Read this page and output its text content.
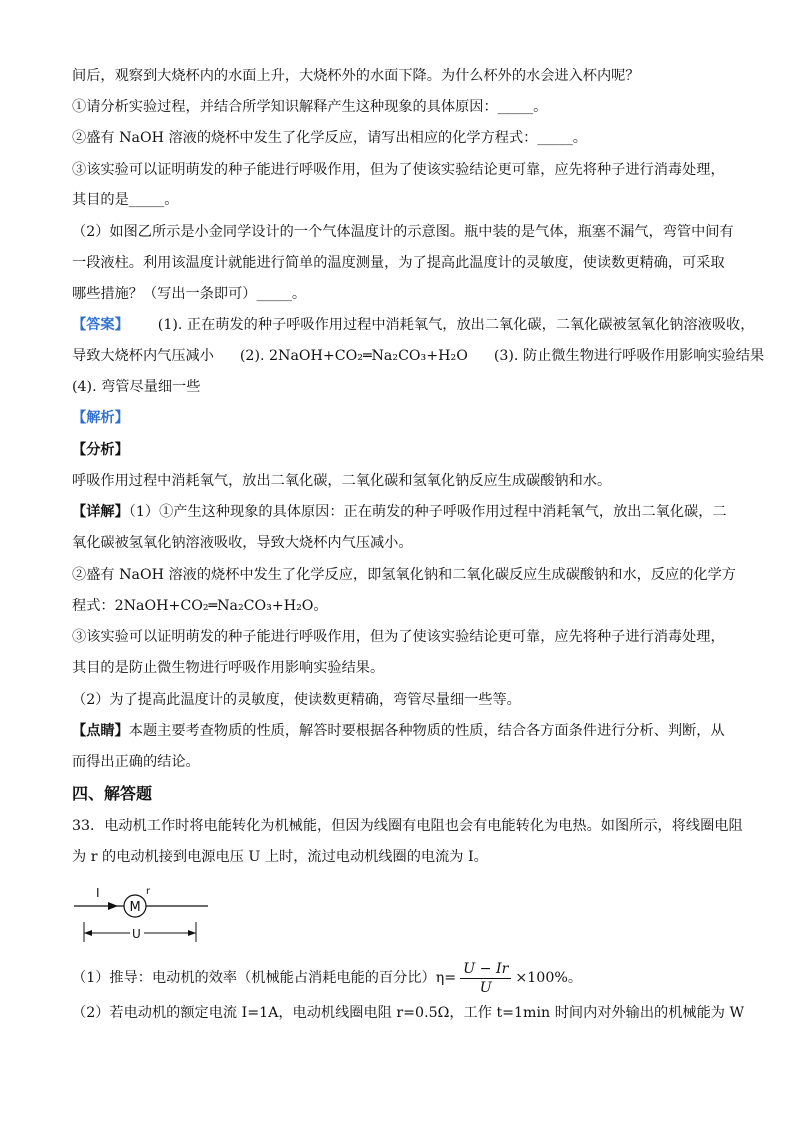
间后，观察到大烧杯内的水面上升，大烧杯外的水面下降。为什么杯外的水会进入杯内呢？
①请分析实验过程，并结合所学知识解释产生这种现象的具体原因：_____。
②盛有 NaOH 溶液的烧杯中发生了化学反应，请写出相应的化学方程式：_____。
③该实验可以证明萌发的种子能进行呼吸作用，但为了使该实验结论更可靠，应先将种子进行消毒处理，
其目的是_____。
（2）如图乙所示是小金同学设计的一个气体温度计的示意图。瓶中装的是气体，瓶塞不漏气，弯管中间有
一段液柱。利用该温度计就能进行简单的温度测量，为了提高此温度计的灵敏度，使读数更精确，可采取
哪些措施？（写出一条即可）_____。
【答案】 (1). 正在萌发的种子呼吸作用过程中消耗氧气，放出二氧化碳，二氧化碳被氢氧化钠溶液吸收，
导致大烧杯内气压减小 (2). 2NaOH+CO₂═Na₂CO₃+H₂O (3). 防止微生物进行呼吸作用影响实验结果
(4). 弯管尽量细一些
【解析】
【分析】
呼吸作用过程中消耗氧气，放出二氧化碳，二氧化碳和氢氧化钠反应生成碳酸钠和水。
【详解】（1）①产生这种现象的具体原因：正在萌发的种子呼吸作用过程中消耗氧气，放出二氧化碳，二
氧化碳被氢氧化钠溶液吸收，导致大烧杯内气压减小。
②盛有 NaOH 溶液的烧杯中发生了化学反应，即氢氧化钠和二氧化碳反应生成碳酸钠和水，反应的化学方
程式：2NaOH+CO₂═Na₂CO₃+H₂O。
③该实验可以证明萌发的种子能进行呼吸作用，但为了使该实验结论更可靠，应先将种子进行消毒处理，
其目的是防止微生物进行呼吸作用影响实验结果。
（2）为了提高此温度计的灵敏度，使读数更精确，弯管尽量细一些等。
【点睛】本题主要考查物质的性质，解答时要根据各种物质的性质，结合各方面条件进行分析、判断，从
而得出正确的结论。
四、解答题
33．电动机工作时将电能转化为机械能，但因为线圈有电阻也会有电能转化为电热。如图所示，将线圈电阻
为 r 的电动机接到电源电压 U 上时，流过电动机线圈的电流为 I。
I
M
r
U
（1）推导：电动机的效率（机械能占消耗电能的百分比）$\eta= \frac{U - Ir}{U} \times 100\%$。
（2）若电动机的额定电流 I=1A，电动机线圈电阻 r=0.5Ω，工作 t=1min 时间内对外输出的机械能为 W
